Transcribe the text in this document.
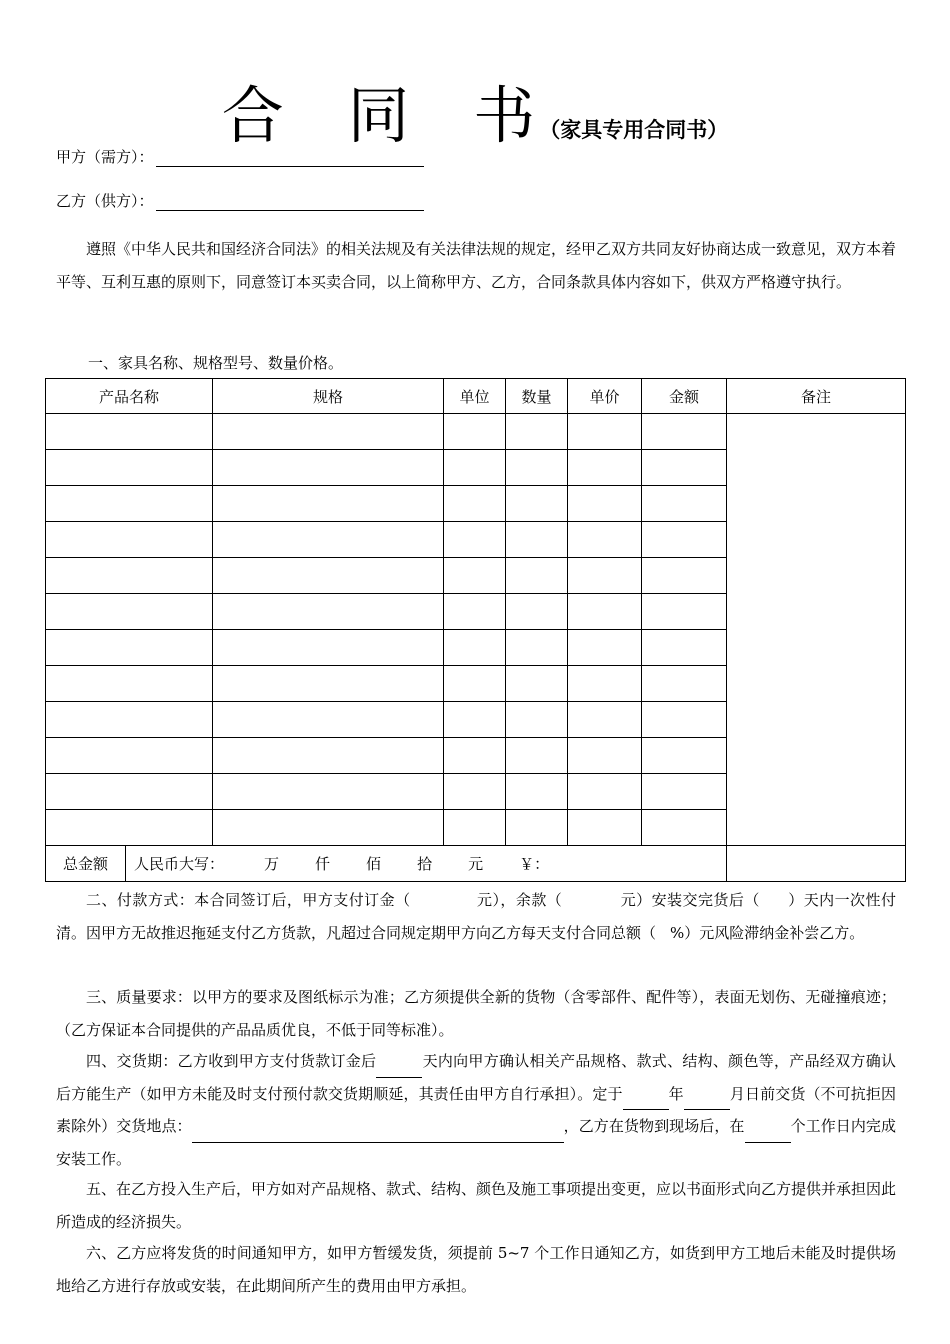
合 同 书（家具专用合同书）
甲方（需方）：
乙方（供方）：
遵照《中华人民共和国经济合同法》的相关法规及有关法律法规的规定，经甲乙双方共同友好协商达成一致意见，双方本着平等、互利互惠的原则下，同意签订本买卖合同，以上简称甲方、乙方，合同条款具体内容如下，供双方严格遵守执行。
一、家具名称、规格型号、数量价格。
产品名称		规格	单位	数量	单价	金额	备注

总金额	人民币大写： 万 仟 佰 拾 元 ￥：						
二、付款方式：本合同签订后，甲方支付订金（	元），余款（	元）安装交完货后（ ）天内一次性付清。因甲方无故推迟拖延支付乙方货款，凡超过合同规定期甲方向乙方每天支付合同总额（ %）元风险滞纳金补尝乙方。
三、质量要求：以甲方的要求及图纸标示为准；乙方须提供全新的货物（含零部件、配件等），表面无划伤、无碰撞痕迹；（乙方保证本合同提供的产品品质优良，不低于同等标准）。
四、交货期：乙方收到甲方支付货款订金后	天内向甲方确认相关产品规格、款式、结构、颜色等，产品经双方确认后方能生产（如甲方未能及时支付预付款交货期顺延，其责任由甲方自行承担）。定于	年	月日前交货（不可抗拒因素除外）交货地点：	，乙方在货物到现场后，在	个工作日内完成安装工作。
五、在乙方投入生产后，甲方如对产品规格、款式、结构、颜色及施工事项提出变更，应以书面形式向乙方提供并承担因此所造成的经济损失。
六、乙方应将发货的时间通知甲方，如甲方暂缓发货，须提前 5~7 个工作日通知乙方，如货到甲方工地后未能及时提供场地给乙方进行存放或安装，在此期间所产生的费用由甲方承担。
